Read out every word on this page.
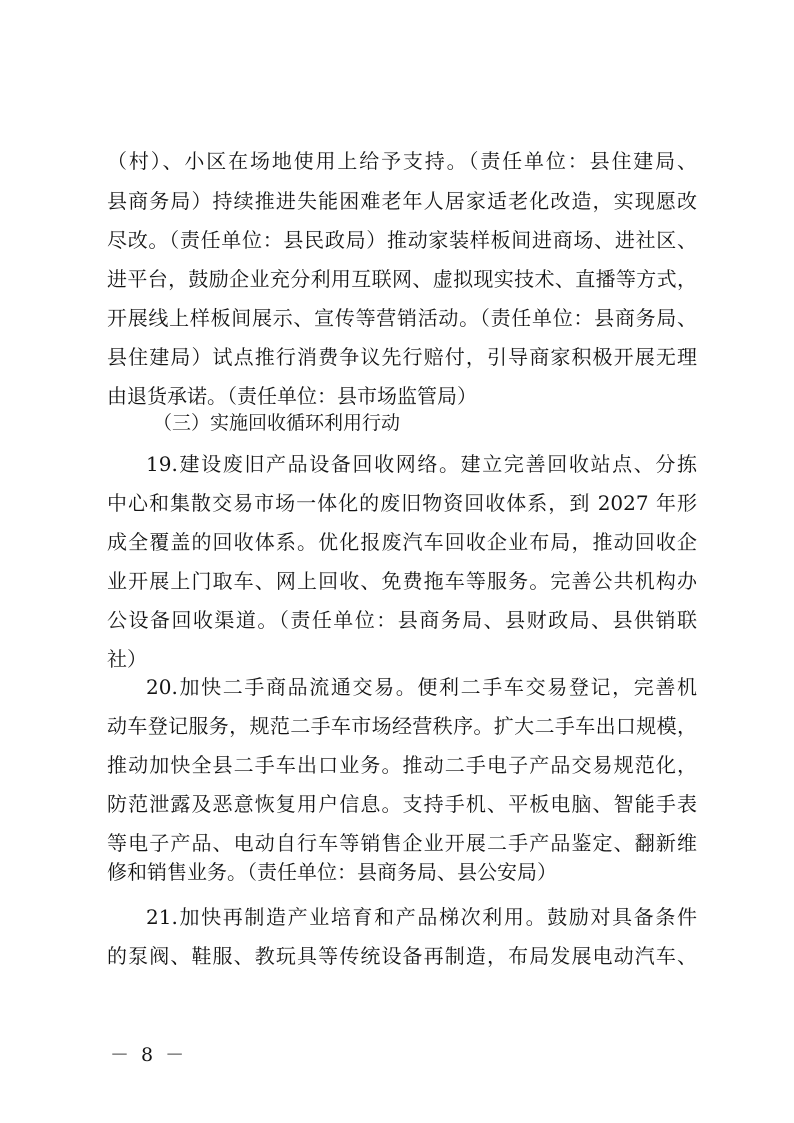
（村）、小区在场地使用上给予支持。（责任单位：县住建局、
县商务局）持续推进失能困难老年人居家适老化改造，实现愿改
尽改。（责任单位：县民政局）推动家装样板间进商场、进社区、
进平台，鼓励企业充分利用互联网、虚拟现实技术、直播等方式，
开展线上样板间展示、宣传等营销活动。（责任单位：县商务局、
县住建局）试点推行消费争议先行赔付，引导商家积极开展无理
由退货承诺。（责任单位：县市场监管局）
（三）实施回收循环利用行动
19.建设废旧产品设备回收网络。建立完善回收站点、分拣
中心和集散交易市场一体化的废旧物资回收体系，到 2027 年形
成全覆盖的回收体系。优化报废汽车回收企业布局，推动回收企
业开展上门取车、网上回收、免费拖车等服务。完善公共机构办
公设备回收渠道。（责任单位：县商务局、县财政局、县供销联
社）
20.加快二手商品流通交易。便利二手车交易登记，完善机
动车登记服务，规范二手车市场经营秩序。扩大二手车出口规模，
推动加快全县二手车出口业务。推动二手电子产品交易规范化，
防范泄露及恶意恢复用户信息。支持手机、平板电脑、智能手表
等电子产品、电动自行车等销售企业开展二手产品鉴定、翻新维
修和销售业务。（责任单位：县商务局、县公安局）
21.加快再制造产业培育和产品梯次利用。鼓励对具备条件
的泵阀、鞋服、教玩具等传统设备再制造，布局发展电动汽车、
－ 8 －
